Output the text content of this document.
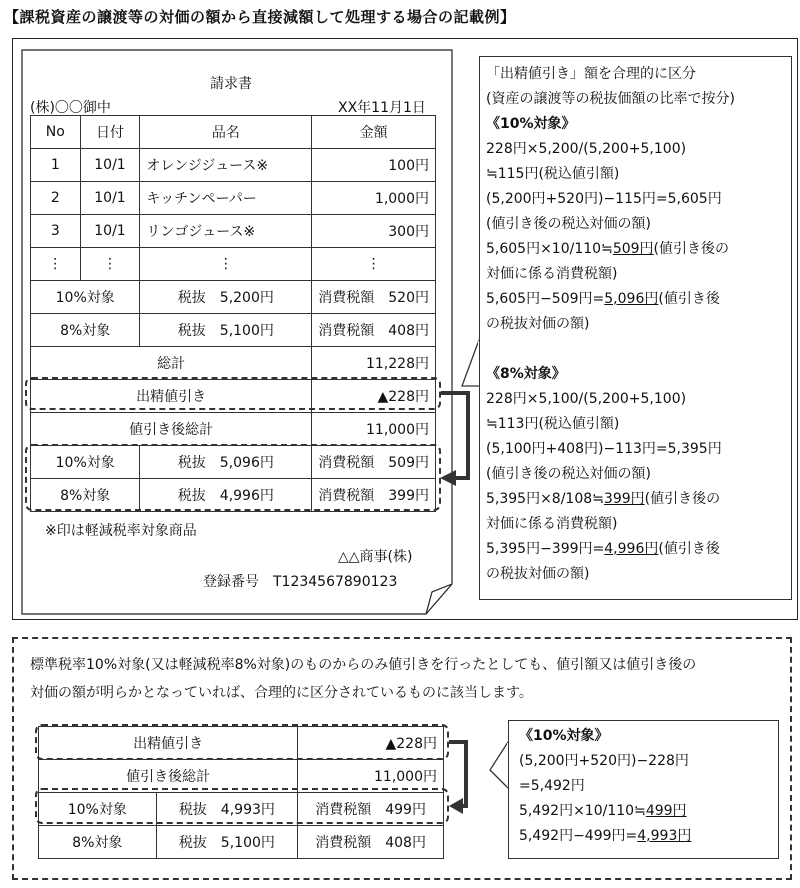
【課税資産の譲渡等の対価の額から直接減額して処理する場合の記載例】
請求書
(株)〇〇御中	XX年11月1日
No	日付	品名	金額
1	10/1	オレンジジュース※	100円
2	10/1	キッチンペーパー	1,000円
3	10/1	リンゴジュース※	300円
⋮	⋮	⋮	⋮
10%対象		税抜　5,200円	消費税額　520円
8%対象		税抜　5,100円	消費税額　408円
総計			11,228円
出精値引き			▲228円
値引き後総計			11,000円
10%対象		税抜　5,096円	消費税額　509円
8%対象		税抜　4,996円	消費税額　399円
※印は軽減税率対象商品
△△商事(株)
登録番号　T1234567890123
「出精値引き」額を合理的に区分
(資産の譲渡等の税抜価額の比率で按分)
《10%対象》
228円×5,200/(5,200+5,100)
≒115円(税込値引額)
(5,200円+520円)−115円=5,605円
(値引き後の税込対価の額)
5,605円×10/110≒509円(値引き後の
対価に係る消費税額)
5,605円−509円=5,096円(値引き後
の税抜対価の額)
《8%対象》
228円×5,100/(5,200+5,100)
≒113円(税込値引額)
(5,100円+408円)−113円=5,395円
(値引き後の税込対価の額)
5,395円×8/108≒399円(値引き後の
対価に係る消費税額)
5,395円−399円=4,996円(値引き後
の税抜対価の額)
標準税率10%対象(又は軽減税率8%対象)のものからのみ値引きを行ったとしても、値引額又は値引き後の
対価の額が明らかとなっていれば、合理的に区分されているものに該当します。
出精値引き		▲228円
値引き後総計		11,000円
10%対象	税抜　4,993円	消費税額　499円
8%対象	税抜　5,100円	消費税額　408円
《10%対象》
(5,200円+520円)−228円
=5,492円
5,492円×10/110≒499円
5,492円−499円=4,993円
